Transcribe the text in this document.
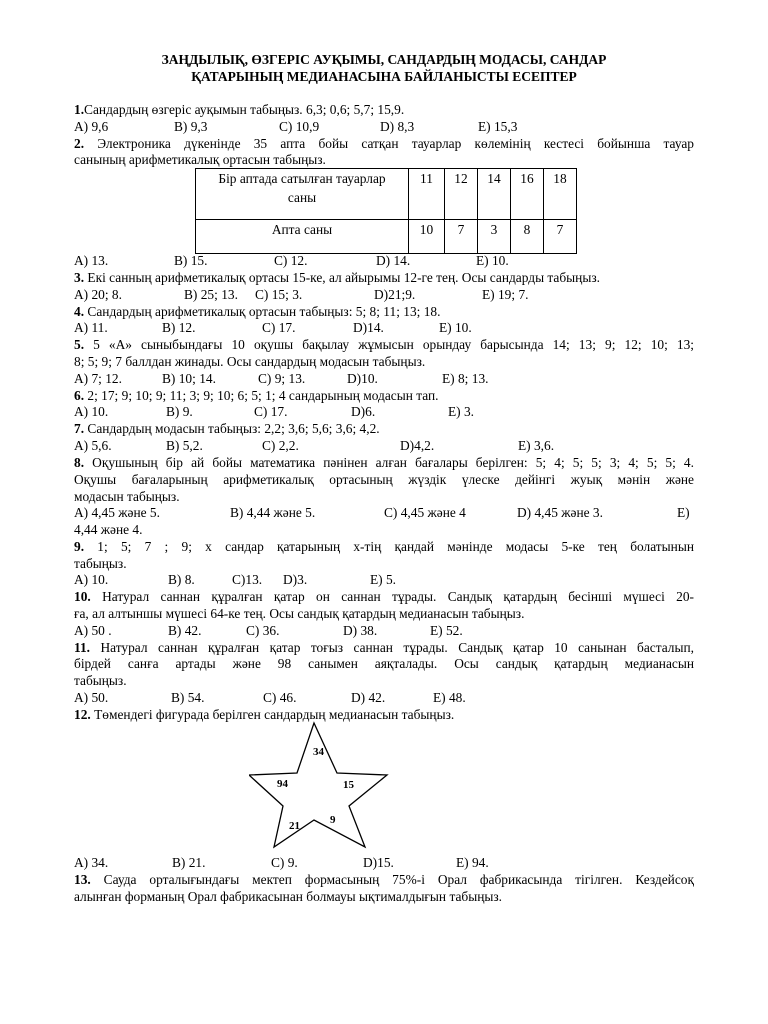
ЗАҢДЫЛЫҚ, ӨЗГЕРІС АУҚЫМЫ, САНДАРДЫҢ МОДАСЫ, САНДАР
ҚАТАРЫНЫҢ МЕДИАНАСЫНА БАЙЛАНЫСТЫ ЕСЕПТЕР
1.Сандардың өзгеріс ауқымын табыңыз. 6,3; 0,6; 5,7; 15,9.
А) 9,6	В) 9,3	С) 10,9	D) 8,3	Е) 15,3
2. Электроника дүкенінде 35 апта бойы сатқан тауарлар көлемінің кестесі бойынша тауар
санының арифметикалық ортасын табыңыз.
Бір аптада сатылған тауарлар
саны	11	12	14	16	18
Апта саны	10	7	3	8	7
А) 13.	В) 15.	С) 12.	D) 14.	Е) 10.
3. Екі санның арифметикалық ортасы 15-ке, ал айырымы 12-ге тең. Осы сандарды табыңыз.
А) 20; 8.	В) 25; 13. С) 15; 3.	D)21;9.	Е) 19; 7.
4. Сандардың арифметикалық ортасын табыңыз: 5; 8; 11; 13; 18.
А) 11.	В) 12.	С) 17.	D)14.	Е) 10.
5. 5 «А» сыныбындағы 10 оқушы бақылау жұмысын орындау барысында 14; 13; 9; 12; 10; 13;
8; 5; 9; 7 баллдан жинады. Осы сандардың модасын табыңыз.
А) 7; 12.	В) 10; 14.	С) 9; 13.	D)10.	Е) 8; 13.
6. 2; 17; 9; 10; 9; 11; 3; 9; 10; 6; 5; 1; 4 сандарының модасын тап.
А) 10.	В) 9.	С) 17.	D)6.	Е) 3.
7. Сандардың модасын табыңыз: 2,2; 3,6; 5,6; 3,6; 4,2.
А) 5,6.	В) 5,2.	С) 2,2.	D)4,2.	Е) 3,6.
8. Оқушының бір ай бойы математика пәнінен алған бағалары берілген: 5; 4; 5; 5; 3; 4; 5; 5; 4.
Оқушы бағаларының арифметикалық ортасының жүздік үлеске дейінгі жуық мәнін және
модасын табыңыз.
А) 4,45 және 5.	В) 4,44 және 5.	С) 4,45 және 4	D) 4,45 және 3.	Е)
4,44 және 4.
9. 1; 5; 7 ; 9; x сандар қатарының x-тің қандай мәнінде модасы 5-ке тең болатынын
табыңыз.
А) 10.	В) 8.	С)13. D)3.	Е) 5.
10. Натурал саннан құралған қатар он саннан тұрады. Сандық қатардың бесінші мүшесі 20-
ға, ал алтыншы мүшесі 64-ке тең. Осы сандық қатардың медианасын табыңыз.
А) 50 .	В) 42.	С) 36.	D) 38.	Е) 52.
11. Натурал саннан құралған қатар тоғыз саннан тұрады. Сандық қатар 10 санынан басталып,
бірдей санға артады және 98 санымен аяқталады. Осы сандық қатардың медианасын
табыңыз.
А) 50.	В) 54.	С) 46.	D) 42.	Е) 48.
12. Төмендегі фигурада берілген сандардың медианасын табыңыз.
34
94	15
9
21
А) 34.	В) 21.	С) 9.	D)15.	Е) 94.
13. Сауда орталығындағы мектеп формасының 75%-і Орал фабрикасында тігілген. Кездейсоқ
алынған форманың Орал фабрикасынан болмауы ықтималдығын табыңыз.
